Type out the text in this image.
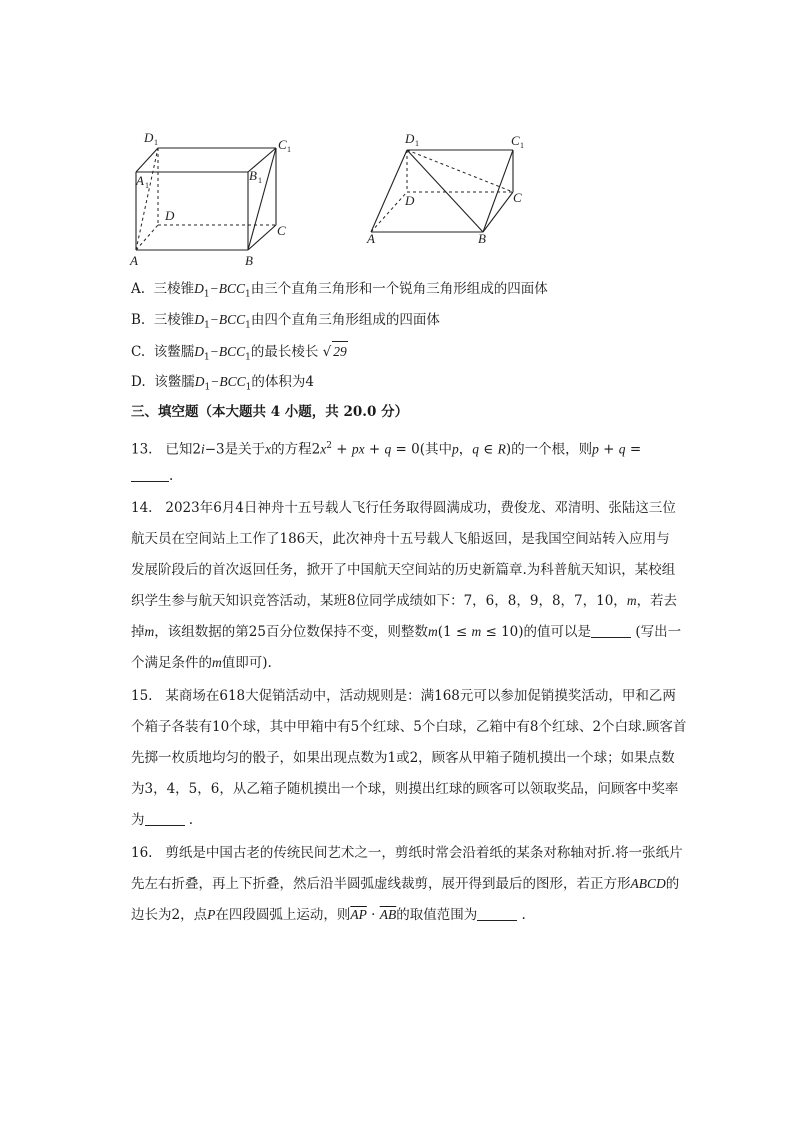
D 1	C 1
A 1
B 1
D
C
A	B
D 1	C 1
D	C
A	B
A. 三棱锥$D_1-BCC_1$由三个直角三角形和一个锐角三角形组成的四面体
B. 三棱锥$D_1-BCC_1$由四个直角三角形组成的四面体
C. 该鳖臑$D_1-BCC_1$的最长棱长 √ 29
D. 该鳖臑$D_1-BCC_1$的体积为4
三、填空题（本大题共 4 小题，共 20.0 分）
13. 已知2i−3是关于x的方程$2x^2$ + px + q = 0(其中p，q ∈ R)的一个根，则p + q =
.
14. 2023年6月4日神舟十五号载人飞行任务取得圆满成功，费俊龙、邓清明、张陆这三位
航天员在空间站上工作了186天，此次神舟十五号载人飞船返回，是我国空间站转入应用与
发展阶段后的首次返回任务，掀开了中国航天空间站的历史新篇章.为科普航天知识，某校组
织学生参与航天知识竞答活动，某班8位同学成绩如下：7，6，8，9，8，7，10，m，若去
掉m，该组数据的第25百分位数保持不变，则整数m(1 ≤ m ≤ 10)的值可以是	(写出一
个满足条件的m值即可).
15. 某商场在618大促销活动中，活动规则是：满168元可以参加促销摸奖活动，甲和乙两
个箱子各装有10个球，其中甲箱中有5个红球、5个白球，乙箱中有8个红球、2个白球.顾客首
先掷一枚质地均匀的骰子，如果出现点数为1或2，顾客从甲箱子随机摸出一个球；如果点数
为3，4，5，6，从乙箱子随机摸出一个球，则摸出红球的顾客可以领取奖品，问顾客中奖率
为	.
16. 剪纸是中国古老的传统民间艺术之一，剪纸时常会沿着纸的某条对称轴对折.将一张纸片
先左右折叠，再上下折叠，然后沿半圆弧虚线裁剪，展开得到最后的图形，若正方形ABCD的
边长为2，点P在四段圆弧上运动，则$\overline{AP} \cdot \overline{AB}$的取值范围为	.
